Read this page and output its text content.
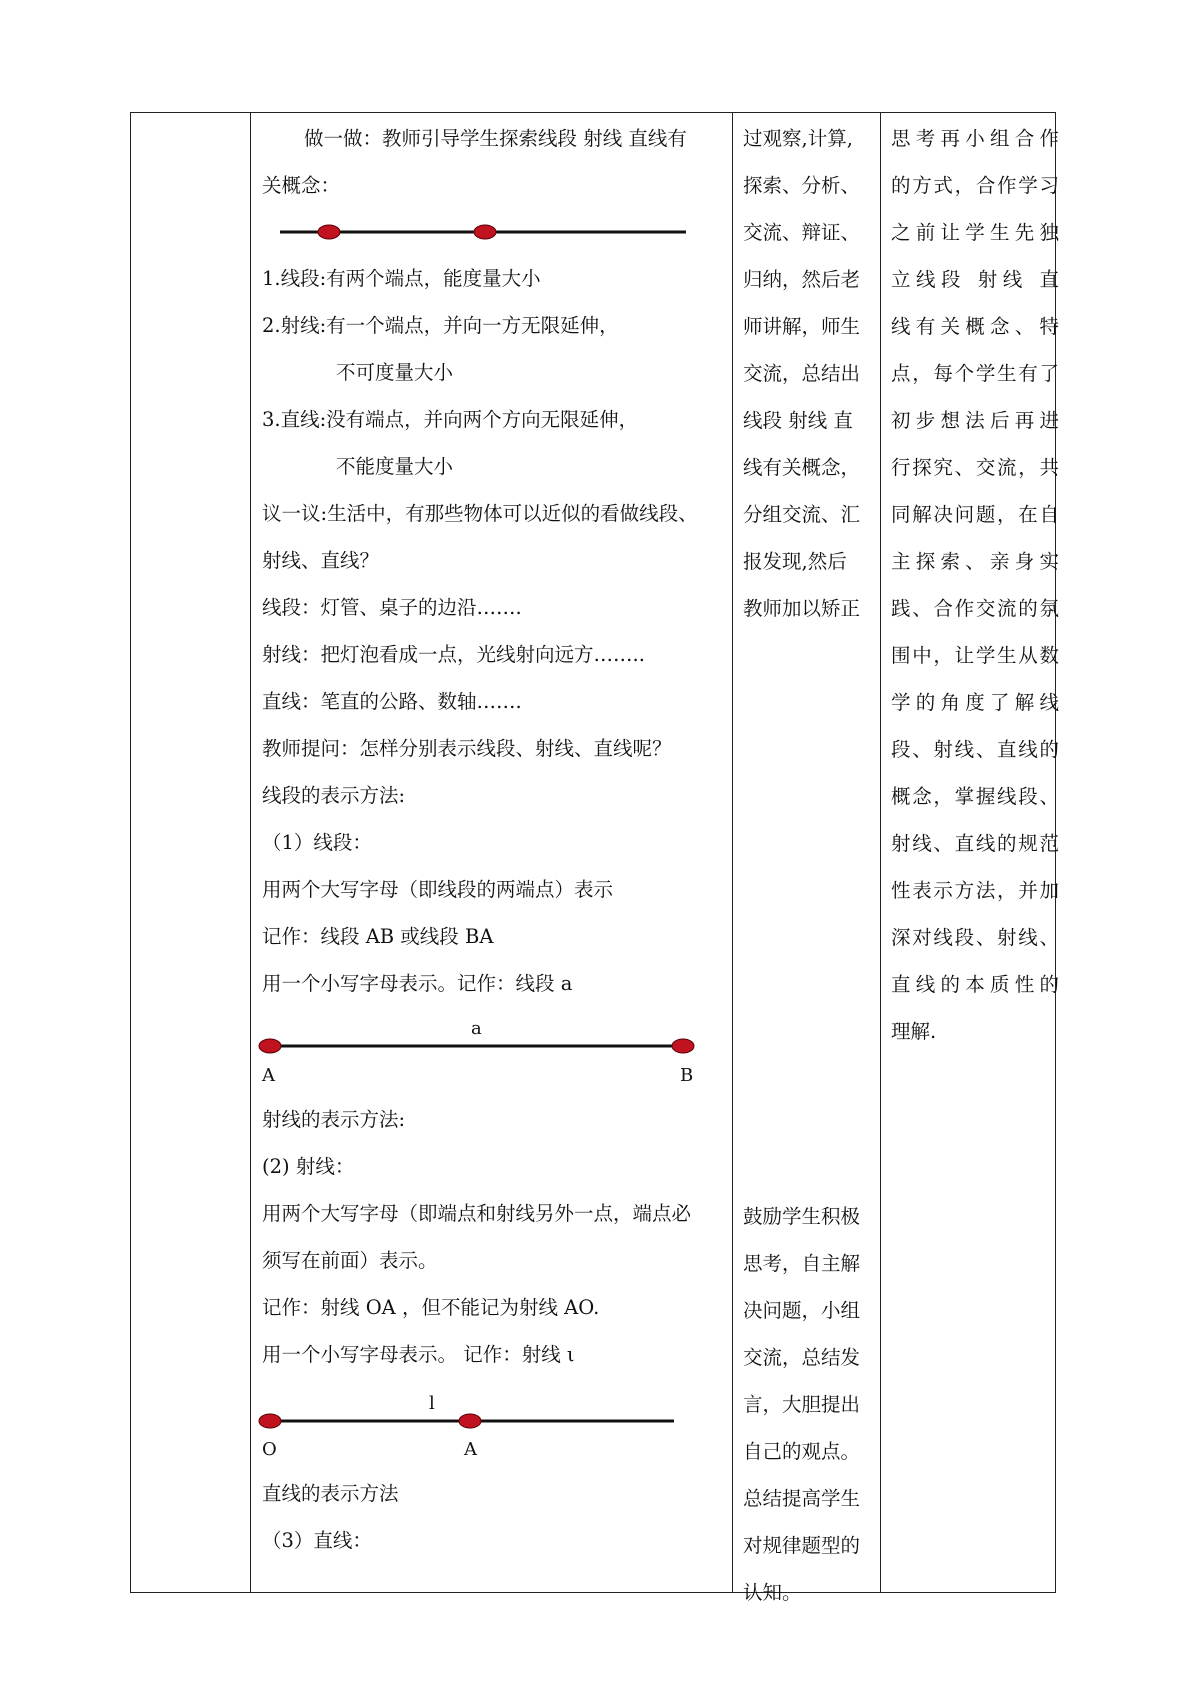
做一做：教师引导学生探索线段 射线 直线有
关概念：
1.线段:有两个端点，能度量大小
2.射线:有一个端点，并向一方无限延伸，
不可度量大小
3.直线:没有端点，并向两个方向无限延伸，
不能度量大小
议一议:生活中，有那些物体可以近似的看做线段、
射线、直线？
线段：灯管、桌子的边沿…….
射线：把灯泡看成一点，光线射向远方……..
直线：笔直的公路、数轴…….
教师提问：怎样分别表示线段、射线、直线呢？
线段的表示方法:
（1）线段：
用两个大写字母（即线段的两端点）表示
记作：线段 AB 或线段 BA
用一个小写字母表示。记作：线段 a
a
A	B
射线的表示方法:
(2) 射线：
用两个大写字母（即端点和射线另外一点，端点必
须写在前面）表示。
记作：射线 OA ，但不能记为射线 AO.
用一个小写字母表示。 记作：射线 ι
l
O	A
直线的表示方法
（3）直线：
过观察,计算,
探索、分析、
交流、辩证、
归纳，然后老
师讲解，师生
交流，总结出
线段 射线 直
线有关概念，
分组交流、汇
报发现,然后
教师加以矫正
鼓励学生积极
思考，自主解
决问题，小组
交流，总结发
言，大胆提出
自己的观点。
总结提高学生
对规律题型的
认知。
思考再小组合作
的方式，合作学习
之前让学生先独
立线段 射线 直
线有关概念、特
点，每个学生有了
初步想法后再进
行探究、交流，共
同解决问题，在自
主探索、亲身实
践、合作交流的氛
围中，让学生从数
学的角度了解线
段、射线、直线的
概念，掌握线段、
射线、直线的规范
性表示方法，并加
深对线段、射线、
直线的本质性的
理解.
